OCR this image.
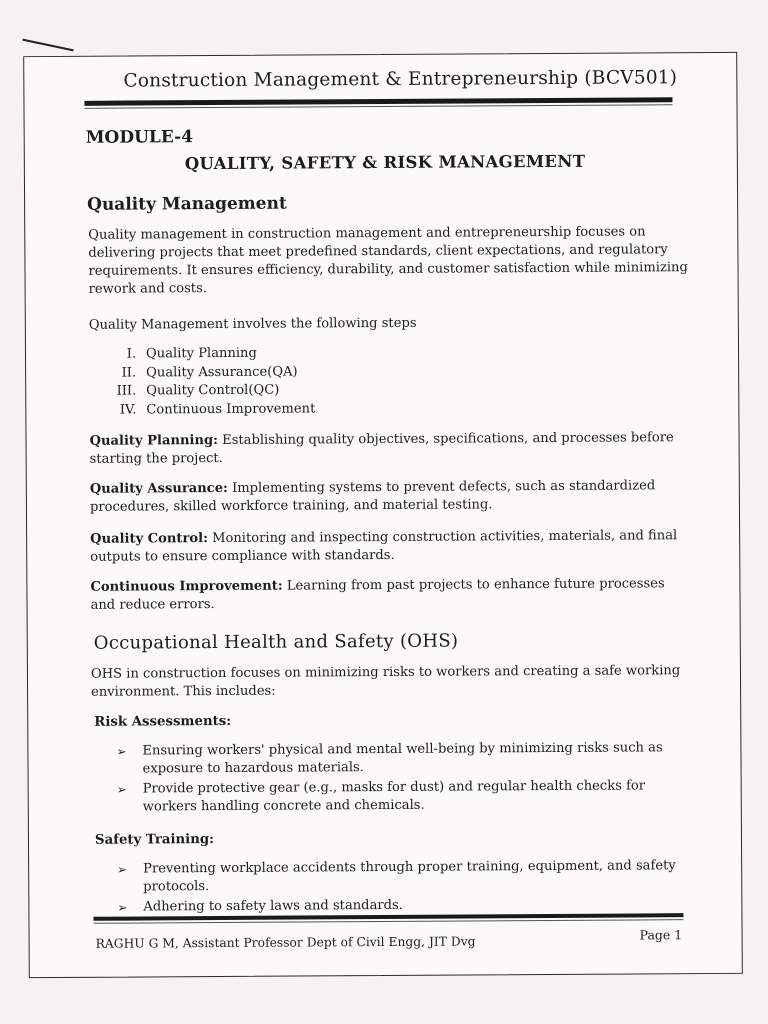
Construction Management & Entrepreneurship (BCV501)
MODULE-4
QUALITY, SAFETY & RISK MANAGEMENT
Quality Management
Quality management in construction management and entrepreneurship focuses on delivering projects that meet predefined standards, client expectations, and regulatory requirements. It ensures efficiency, durability, and customer satisfaction while minimizing rework and costs.
Quality Management involves the following steps
I. Quality Planning
II. Quality Assurance(QA)
III. Quality Control(QC)
IV. Continuous Improvement
Quality Planning: Establishing quality objectives, specifications, and processes before starting the project.
Quality Assurance: Implementing systems to prevent defects, such as standardized procedures, skilled workforce training, and material testing.
Quality Control: Monitoring and inspecting construction activities, materials, and final outputs to ensure compliance with standards.
Continuous Improvement: Learning from past projects to enhance future processes and reduce errors.
Occupational Health and Safety (OHS)
OHS in construction focuses on minimizing risks to workers and creating a safe working environment. This includes:
Risk Assessments:
➢ Ensuring workers' physical and mental well-being by minimizing risks such as exposure to hazardous materials.
➢ Provide protective gear (e.g., masks for dust) and regular health checks for workers handling concrete and chemicals.
Safety Training:
➢ Preventing workplace accidents through proper training, equipment, and safety protocols.
➢ Adhering to safety laws and standards.
RAGHU G M, Assistant Professor Dept of Civil Engg, JIT Dvg	Page 1
